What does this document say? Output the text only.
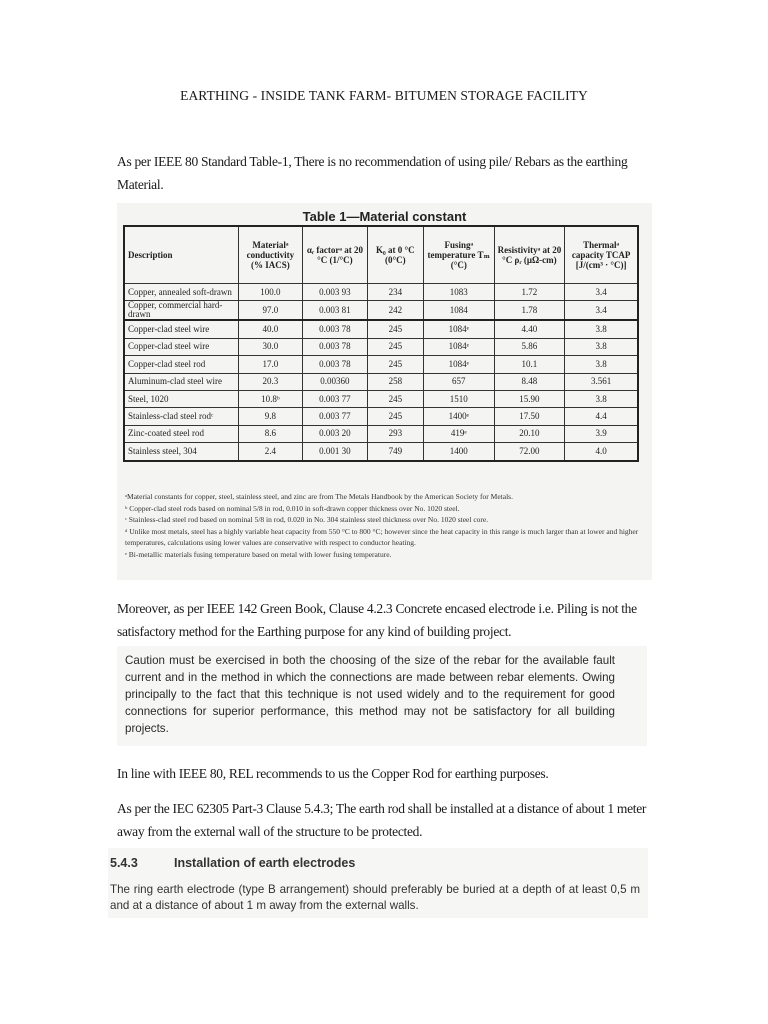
EARTHING - INSIDE TANK FARM- BITUMEN STORAGE FACILITY
As per IEEE 80 Standard Table-1, There is no recommendation of using pile/ Rebars as the earthing Material.
Table 1—Material constant
Description	Materialᵃ conductivity (% IACS)	αᵣ factorᵃ at 20 °C (1/°C)	K₀ at 0 °C (0°C)	Fusingᵃ temperature Tₘ (°C)	Resistivityᵃ at 20 °C ρᵣ (μΩ-cm)	Thermalᵃ capacity TCAP [J/(cm³ · °C)]
Copper, annealed soft-drawn	100.0	0.003 93	234	1083	1.72	3.4
Copper, commercial hard-drawn	97.0	0.003 81	242	1084	1.78	3.4
Copper-clad steel wire	40.0	0.003 78	245	1084ᵉ	4.40	3.8
Copper-clad steel wire	30.0	0.003 78	245	1084ᵉ	5.86	3.8
Copper-clad steel rod	17.0	0.003 78	245	1084ᵉ	10.1	3.8
Aluminum-clad steel wire	20.3	0.00360	258	657	8.48	3.561
Steel, 1020	10.8ᵇ	0.003 77	245	1510	15.90	3.8
Stainless-clad steel rodᶜ	9.8	0.003 77	245	1400ᵉ	17.50	4.4
Zinc-coated steel rod	8.6	0.003 20	293	419ᵉ	20.10	3.9
Stainless steel, 304	2.4	0.001 30	749	1400	72.00	4.0
ᵃMaterial constants for copper, steel, stainless steel, and zinc are from The Metals Handbook by the American Society for Metals.
ᵇ Copper-clad steel rods based on nominal 5/8 in rod, 0.010 in soft-drawn copper thickness over No. 1020 steel.
ᶜ Stainless-clad steel rod based on nominal 5/8 in rod, 0.020 in No. 304 stainless steel thickness over No. 1020 steel core.
ᵈ Unlike most metals, steel has a highly variable heat capacity from 550 °C to 800 °C; however since the heat capacity in this range is much larger than at lower and higher temperatures, calculations using lower values are conservative with respect to conductor heating.
ᵉ Bi-metallic materials fusing temperature based on metal with lower fusing temperature.
Moreover, as per IEEE 142 Green Book, Clause 4.2.3 Concrete encased electrode i.e. Piling is not the satisfactory method for the Earthing purpose for any kind of building project.
Caution must be exercised in both the choosing of the size of the rebar for the available fault current and in the method in which the connections are made between rebar elements. Owing principally to the fact that this technique is not used widely and to the requirement for good connections for superior performance, this method may not be satisfactory for all building projects.
In line with IEEE 80, REL recommends to us the Copper Rod for earthing purposes.
As per the IEC 62305 Part-3 Clause 5.4.3; The earth rod shall be installed at a distance of about 1 meter away from the external wall of the structure to be protected.
5.4.3	Installation of earth electrodes
The ring earth electrode (type B arrangement) should preferably be buried at a depth of at least 0,5 m and at a distance of about 1 m away from the external walls.
